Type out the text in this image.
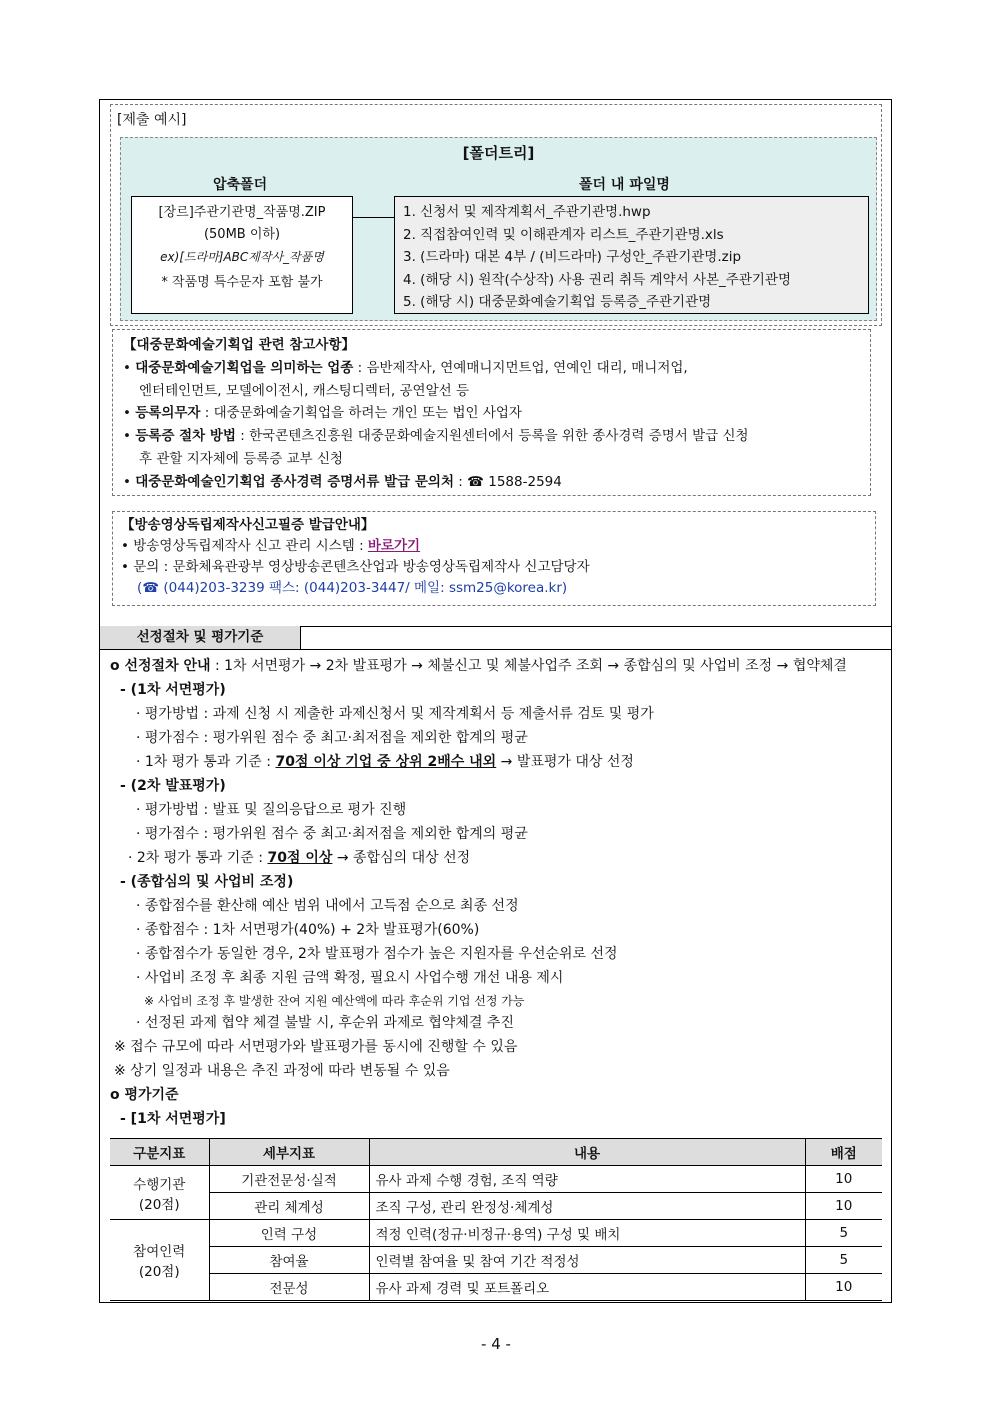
[제출 예시]
[폴더트리]
압축폴더	폴더 내 파일명
[장르]주관기관명_작품명.ZIP
(50MB 이하)
ex)[드라마]ABC제작사_작품명
* 작품명 특수문자 포함 불가
1. 신청서 및 제작계획서_주관기관명.hwp
2. 직접참여인력 및 이해관계자 리스트_주관기관명.xls
3. (드라마) 대본 4부 / (비드라마) 구성안_주관기관명.zip
4. (해당 시) 원작(수상작) 사용 권리 취득 계약서 사본_주관기관명
5. (해당 시) 대중문화예술기획업 등록증_주관기관명
【대중문화예술기획업 관련 참고사항】
• 대중문화예술기획업을 의미하는 업종 : 음반제작사, 연예매니지먼트업, 연예인 대리, 매니저업,
엔터테인먼트, 모델에이전시, 캐스팅디렉터, 공연알선 등
• 등록의무자 : 대중문화예술기획업을 하려는 개인 또는 법인 사업자
• 등록증 절차 방법 : 한국콘텐츠진흥원 대중문화예술지원센터에서 등록을 위한 종사경력 증명서 발급 신청
후 관할 지자체에 등록증 교부 신청
• 대중문화예술인기획업 종사경력 증명서류 발급 문의처 : ☎ 1588-2594
【방송영상독립제작사신고필증 발급안내】
• 방송영상독립제작사 신고 관리 시스템 : 바로가기
• 문의 : 문화체육관광부 영상방송콘텐츠산업과 방송영상독립제작사 신고담당자
(☎ (044)203-3239 팩스: (044)203-3447/ 메일: ssm25@korea.kr)
선정절차 및 평가기준
o 선정절차 안내 : 1차 서면평가 → 2차 발표평가 → 체불신고 및 체불사업주 조회 → 종합심의 및 사업비 조정 → 협약체결
- (1차 서면평가)
· 평가방법 : 과제 신청 시 제출한 과제신청서 및 제작계획서 등 제출서류 검토 및 평가
· 평가점수 : 평가위원 점수 중 최고·최저점을 제외한 합계의 평균
· 1차 평가 통과 기준 : 70점 이상 기업 중 상위 2배수 내외 → 발표평가 대상 선정
- (2차 발표평가)
· 평가방법 : 발표 및 질의응답으로 평가 진행
· 평가점수 : 평가위원 점수 중 최고·최저점을 제외한 합계의 평균
· 2차 평가 통과 기준 : 70점 이상 → 종합심의 대상 선정
- (종합심의 및 사업비 조정)
· 종합점수를 환산해 예산 범위 내에서 고득점 순으로 최종 선정
· 종합점수 : 1차 서면평가(40%) + 2차 발표평가(60%)
· 종합점수가 동일한 경우, 2차 발표평가 점수가 높은 지원자를 우선순위로 선정
· 사업비 조정 후 최종 지원 금액 확정, 필요시 사업수행 개선 내용 제시
※ 사업비 조정 후 발생한 잔여 지원 예산액에 따라 후순위 기업 선정 가능
· 선정된 과제 협약 체결 불발 시, 후순위 과제로 협약체결 추진
※ 접수 규모에 따라 서면평가와 발표평가를 동시에 진행할 수 있음
※ 상기 일정과 내용은 추진 과정에 따라 변동될 수 있음
o 평가기준
- [1차 서면평가]
구분지표	세부지표	내용	배점

수행기관
(20점)	기관전문성·실적	유사 과제 수행 경험, 조직 역량	10
	관리 체계성	조직 구성, 관리 완정성·체계성	10

참여인력
(20점)	인력 구성	적정 인력(정규·비정규·용역) 구성 및 배치	5
	참여율	인력별 참여율 및 참여 기간 적정성	5
	전문성	유사 과제 경력 및 포트폴리오	10
- 4 -
